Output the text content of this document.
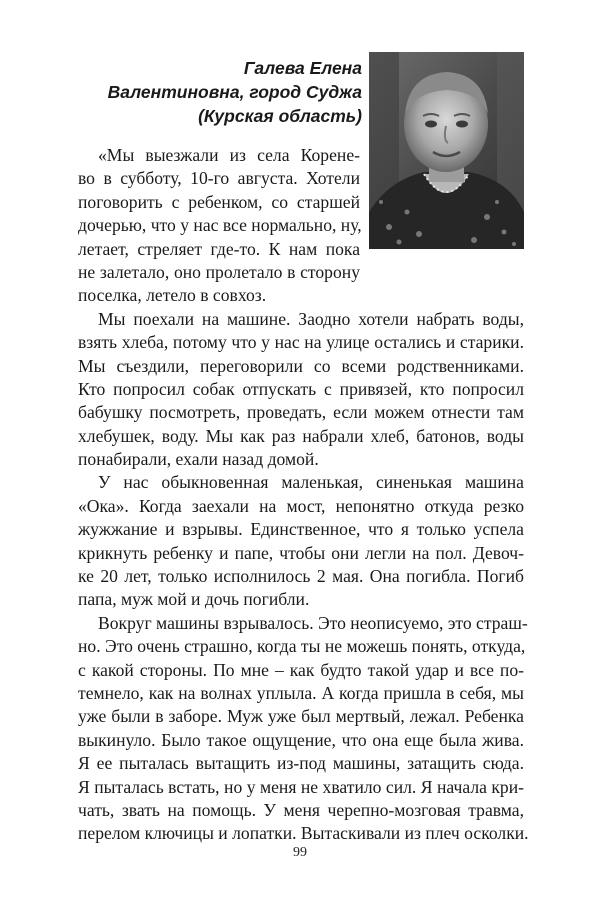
Галева Елена
Валентиновна, город Суджа
(Курская область)
«Мы выезжали из села Корене-
во в субботу, 10-го августа. Хотели
поговорить с ребенком, со старшей
дочерью, что у нас все нормально, ну,
летает, стреляет где-то. К нам пока
не залетало, оно пролетало в сторону
поселка, летело в совхоз.
Мы поехали на машине. Заодно хотели набрать воды,
взять хлеба, потому что у нас на улице остались и старики.
Мы съездили, переговорили со всеми родственниками.
Кто попросил собак отпускать с привязей, кто попросил
бабушку посмотреть, проведать, если можем отнести там
хлебушек, воду. Мы как раз набрали хлеб, батонов, воды
понабирали, ехали назад домой.
У нас обыкновенная маленькая, синенькая машина
«Ока». Когда заехали на мост, непонятно откуда резко
жужжание и взрывы. Единственное, что я только успела
крикнуть ребенку и папе, чтобы они легли на пол. Девоч-
ке 20 лет, только исполнилось 2 мая. Она погибла. Погиб
папа, муж мой и дочь погибли.
Вокруг машины взрывалось. Это неописуемо, это страш-
но. Это очень страшно, когда ты не можешь понять, откуда,
с какой стороны. По мне – как будто такой удар и все по-
темнело, как на волнах уплыла. А когда пришла в себя, мы
уже были в заборе. Муж уже был мертвый, лежал. Ребенка
выкинуло. Было такое ощущение, что она еще была жива.
Я ее пыталась вытащить из-под машины, затащить сюда.
Я пыталась встать, но у меня не хватило сил. Я начала кри-
чать, звать на помощь. У меня черепно-мозговая травма,
перелом ключицы и лопатки. Вытаскивали из плеч осколки.
99
